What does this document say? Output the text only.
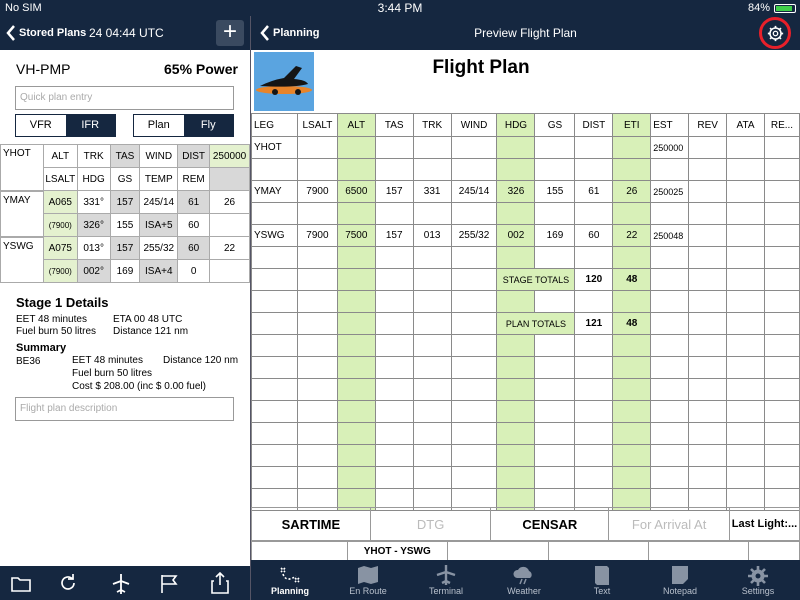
No SIM	3:44 PM	84%
Stored Plans 24 04:44 UTC +	Planning	Preview Flight Plan
VH-PMP	65% Power
Quick plan entry
VFR	IFR	Plan	Fly
YHOT	ALT	TRK	TAS	WIND	DIST	250000
	LSALT	HDG	GS	TEMP	REM	
YMAY	A065	331°	157	245/14	61	26
	(7900)	326°	155	ISA+5	60	
YSWG	A075	013°	157	255/32	60	22
	(7900)	002°	169	ISA+4	0	
Stage 1 Details
EET 48 minutes	ETA 00 48 UTC
Fuel burn 50 litres Distance 121 nm
Summary
BE36	EET 48 minutes Distance 120 nm
Fuel burn 50 litres
Cost $ 208.00 (inc $ 0.00 fuel)
Flight plan description
Flight Plan
LEG	LSALT	ALT	TAS	TRK	WIND	HDG	GS	DIST	ETI	EST	REV	ATA	RE...
YHOT										250000			

YMAY	7900	6500	157	331	245/14	326	155	61	26	250025			

YSWG	7900	7500	157	013	255/32	002	169	60	22	250048			

						STAGE TOTALS		120	48				

						PLAN TOTALS		121	48				

SARTIME	DTG	CENSAR	For Arrival At	Last Light:...
	YHOT - YSWG				
Planning	En Route	Terminal	Weather	Text	Notepad	Settings
